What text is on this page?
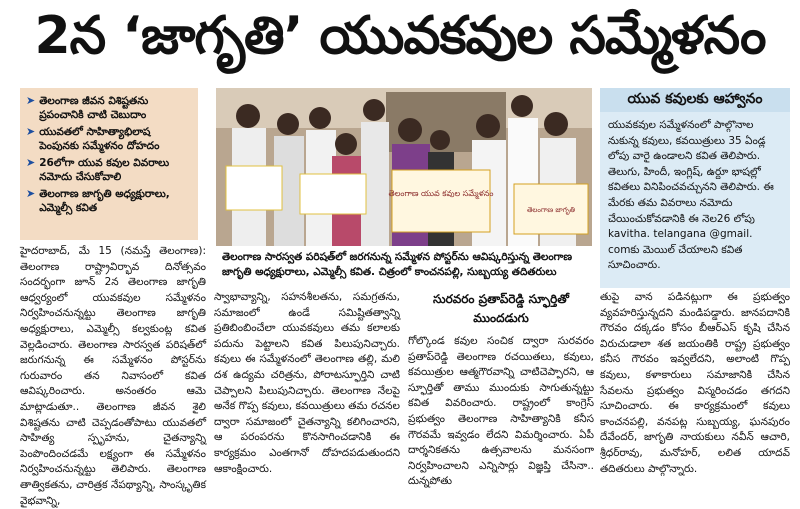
2న ‘జాగృతి’ యువకవుల సమ్మేళనం
➤ తెలంగాణ జీవన విశిష్టతను ప్రపంచానికి చాటి చెబుదాం
➤ యువతలో సాహిత్యాభిలాష పెంపునకు సమ్మేళనం దోహదం
➤ 26లోగా యువ కవుల వివరాలు నమోదు చేసుకోవాలి
➤ తెలంగాణ జాగృతి అధ్యక్షురాలు, ఎమ్మెల్సీ కవిత
తెలంగాణ యువ కవుల సమ్మేళనం
తెలంగాణ జాగృతి
తెలంగాణ సారస్వత పరిషత్‌లో జరగనున్న సమ్మేళన పోస్టర్‌ను ఆవిష్కరిస్తున్న తెలంగాణ జాగృతి అధ్యక్షురాలు, ఎమ్మెల్సీ కవిత. చిత్రంలో కాంచనపల్లి, సుబ్బయ్య తదితరులు
యువ కవులకు ఆహ్వానం
యువకవుల సమ్మేళనంలో పాల్గొనాల నుకున్న కవులు, కవయిత్రులు 35 ఏండ్ల లోపు వారై ఉండాలని కవిత తెలిపారు. తెలుగు, హిందీ, ఇంగ్లిష్, ఉర్దూ భాషల్లో కవితలు వినిపించవచ్చునని తెలిపారు. ఈ మేరకు తమ వివరాలు నమోదు చేయించుకోవడానికి ఈ నెల26 లోపు kavitha. telangana @gmail. comకు మెయిల్ చేయాలని కవిత సూచించారు.
హైదరాబాద్, మే 15 (నమస్తే తెలంగాణ): తెలంగాణ రాష్ట్రావిర్భావ దినోత్సవం సందర్భంగా జూన్ 2న తెలంగాణ జాగృతి ఆధ్వర్యంలో యువకవుల సమ్మేళనం నిర్వహించనున్నట్టు తెలంగాణ జాగృతి అధ్యక్షురాలు, ఎమ్మెల్సీ కల్వకుంట్ల కవిత వెల్లడించారు. తెలంగాణ సారస్వత పరిషత్‌లో జరుగనున్న ఈ సమ్మేళనం పోస్టర్‌ను గురువారం తన నివాసంలో కవిత ఆవిష్కరించారు. అనంతరం ఆమె మాట్లాడుతూ.. తెలంగాణ జీవన శైలి విశిష్టతను చాటి చెప్పడంతోపాటు యువతలో సాహిత్య స్పృహను, చైతన్యాన్ని పెంపొందించడమే లక్ష్యంగా ఈ సమ్మేళనం నిర్వహించనున్నట్టు తెలిపారు. తెలంగాణ తాత్వికతను, చారిత్రక నేపథ్యాన్ని, సాంస్కృతిక వైభవాన్ని,
స్వాభావ్యాన్ని, సహనశీలతను, సమగ్రతను, సమాజంలో ఉండే సమిష్టితత్వాన్ని ప్రతిబింబించేలా యువకవులు తమ కలాలకు పదును పెట్టాలని కవిత పిలుపునిచ్చారు. కవులు ఈ సమ్మేళనంలో తెలంగాణ తల్లి, మలి దశ ఉద్యమ చరిత్రను, పోరాటస్ఫూర్తిని చాటి చెప్పాలని పిలుపునిచ్చారు. తెలంగాణ నేలపై అనేక గొప్ప కవులు, కవయిత్రులు తమ రచనల ద్వారా సమాజంలో చైతన్యాన్ని కలిగించారని, ఆ పరంపరను కొనసాగించడానికి ఈ కార్యక్రమం ఎంతగానో దోహదపడుతుందని ఆకాంక్షించారు.
సురవరం ప్రతాప్‌రెడ్డి స్ఫూర్తితో ముందడుగు
గోల్కొండ కవుల సంచిక ద్వారా సురవరం ప్రతాప్‌రెడ్డి తెలంగాణ రచయితలు, కవులు, కవయిత్రుల ఆత్మగౌరవాన్ని చాటిచెప్పారని, ఆ స్ఫూర్తితో తాము ముందుకు సాగుతున్నట్టు కవిత వివరించారు. రాష్ట్రంలో కాంగ్రెస్ ప్రభుత్వం తెలంగాణ సాహిత్యానికి కనీస గౌరవమే ఇవ్వడం లేదని విమర్శించారు. ఏపీ దార్శనికతను ఉత్సవాలను మనసంగా నిర్వహించాలని ఎన్నిసార్లు విజ్ఞప్తి చేసినా.. దున్నపోతు
తుపై వాన పడినట్లుగా ఈ ప్రభుత్వం వ్యవహరిస్తున్నదని మండిపడ్డారు. జానపదానికి గౌరవం దక్కడం కోసం బీఆర్‌ఎస్ కృషి చేసిన విరుచుడాలా శత జయంతికి రాష్ట్ర ప్రభుత్వం కనీస గౌరవం ఇవ్వలేదని, అలాంటి గొప్ప కవులు, కళాకారులు సమాజానికి చేసిన సేవలను ప్రభుత్వం విస్మరించడం తగదని సూచించారు. ఈ కార్యక్రమంలో కవులు కాంచనపల్లి, వనపట్ల సుబ్బయ్య, ఘనపురం దేవేందర్, జాగృతి నాయకులు నవీన్ ఆచారి, శ్రీధర్‌రావు, మనోహర్, లలిత యాదవ్ తదితరులు పాల్గొన్నారు.
